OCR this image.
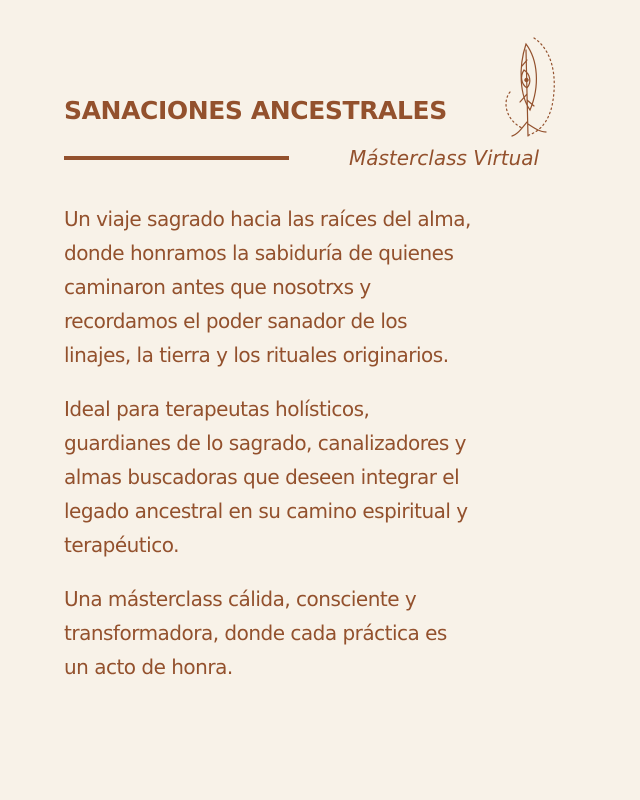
SANACIONES ANCESTRALES
Másterclass Virtual

Un viaje sagrado hacia las raíces del alma,
donde honramos la sabiduría de quienes
caminaron antes que nosotrxs y
recordamos el poder sanador de los
linajes, la tierra y los rituales originarios.

Ideal para terapeutas holísticos,
guardianes de lo sagrado, canalizadores y
almas buscadoras que deseen integrar el
legado ancestral en su camino espiritual y
terapéutico.

Una másterclass cálida, consciente y
transformadora, donde cada práctica es
un acto de honra.
